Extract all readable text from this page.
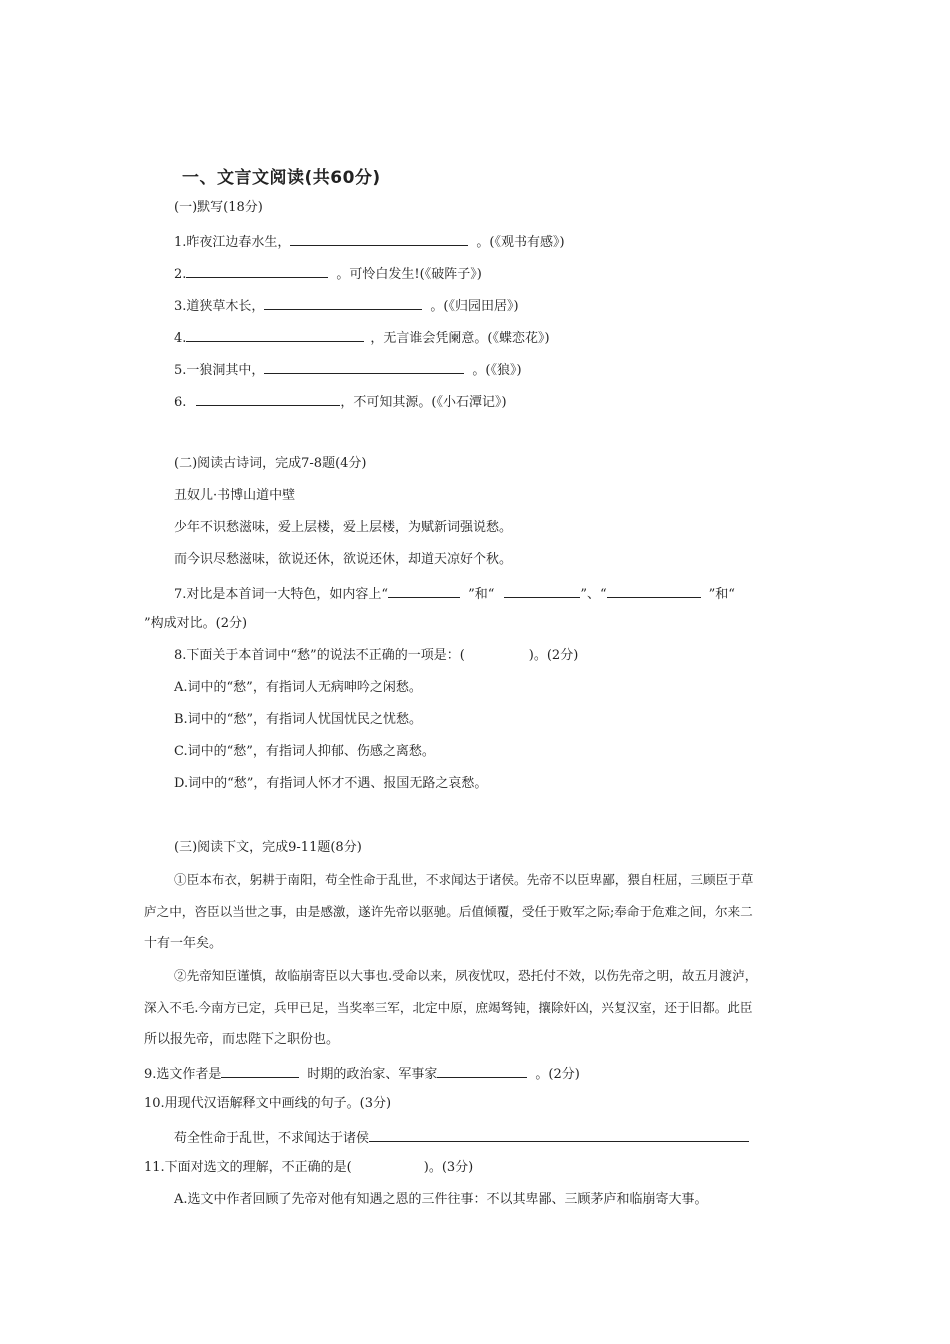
一、文言文阅读(共60分)
(一)默写(18分)
1.昨夜江边春水生，	。(《观书有感》)
2.	。可怜白发生!(《破阵子》)
3.道狭草木长，	。(《归园田居》)
4.	，无言谁会凭阑意。(《蝶恋花》)
5.一狼洞其中，	。(《狼》)
6.	，不可知其源。(《小石潭记》)
(二)阅读古诗词，完成7-8题(4分)
丑奴儿·书博山道中壁
少年不识愁滋味，爱上层楼，爱上层楼，为赋新词强说愁。
而今识尽愁滋味，欲说还休，欲说还休，却道天凉好个秋。
7.对比是本首词一大特色，如内容上“	”和“	”、“	”和“
”构成对比。(2分)
8.下面关于本首词中“愁”的说法不正确的一项是：(	)。(2分)
A.词中的“愁”，有指词人无病呻吟之闲愁。
B.词中的“愁”，有指词人忧国忧民之忧愁。
C.词中的“愁”，有指词人抑郁、伤感之离愁。
D.词中的“愁”，有指词人怀才不遇、报国无路之哀愁。
(三)阅读下文，完成9-11题(8分)
①臣本布衣，躬耕于南阳，苟全性命于乱世，不求闻达于诸侯。先帝不以臣卑鄙，猥自枉屈，三顾臣于草
庐之中，咨臣以当世之事，由是感激，遂许先帝以驱驰。后值倾覆，受任于败军之际;奉命于危难之间，尔来二
十有一年矣。
②先帝知臣谨慎，故临崩寄臣以大事也.受命以来，夙夜忧叹，恐托付不效，以伤先帝之明，故五月渡泸，
深入不毛.今南方已定，兵甲已足，当奖率三军，北定中原，庶竭驽钝，攘除奸凶，兴复汉室，还于旧都。此臣
所以报先帝，而忠陛下之职份也。
9.选文作者是	时期的政治家、军事家	。(2分)
10.用现代汉语解释文中画线的句子。(3分)
苟全性命于乱世，不求闻达于诸侯
11.下面对选文的理解，不正确的是(	)。(3分)
A.选文中作者回顾了先帝对他有知遇之恩的三件往事：不以其卑鄙、三顾茅庐和临崩寄大事。
